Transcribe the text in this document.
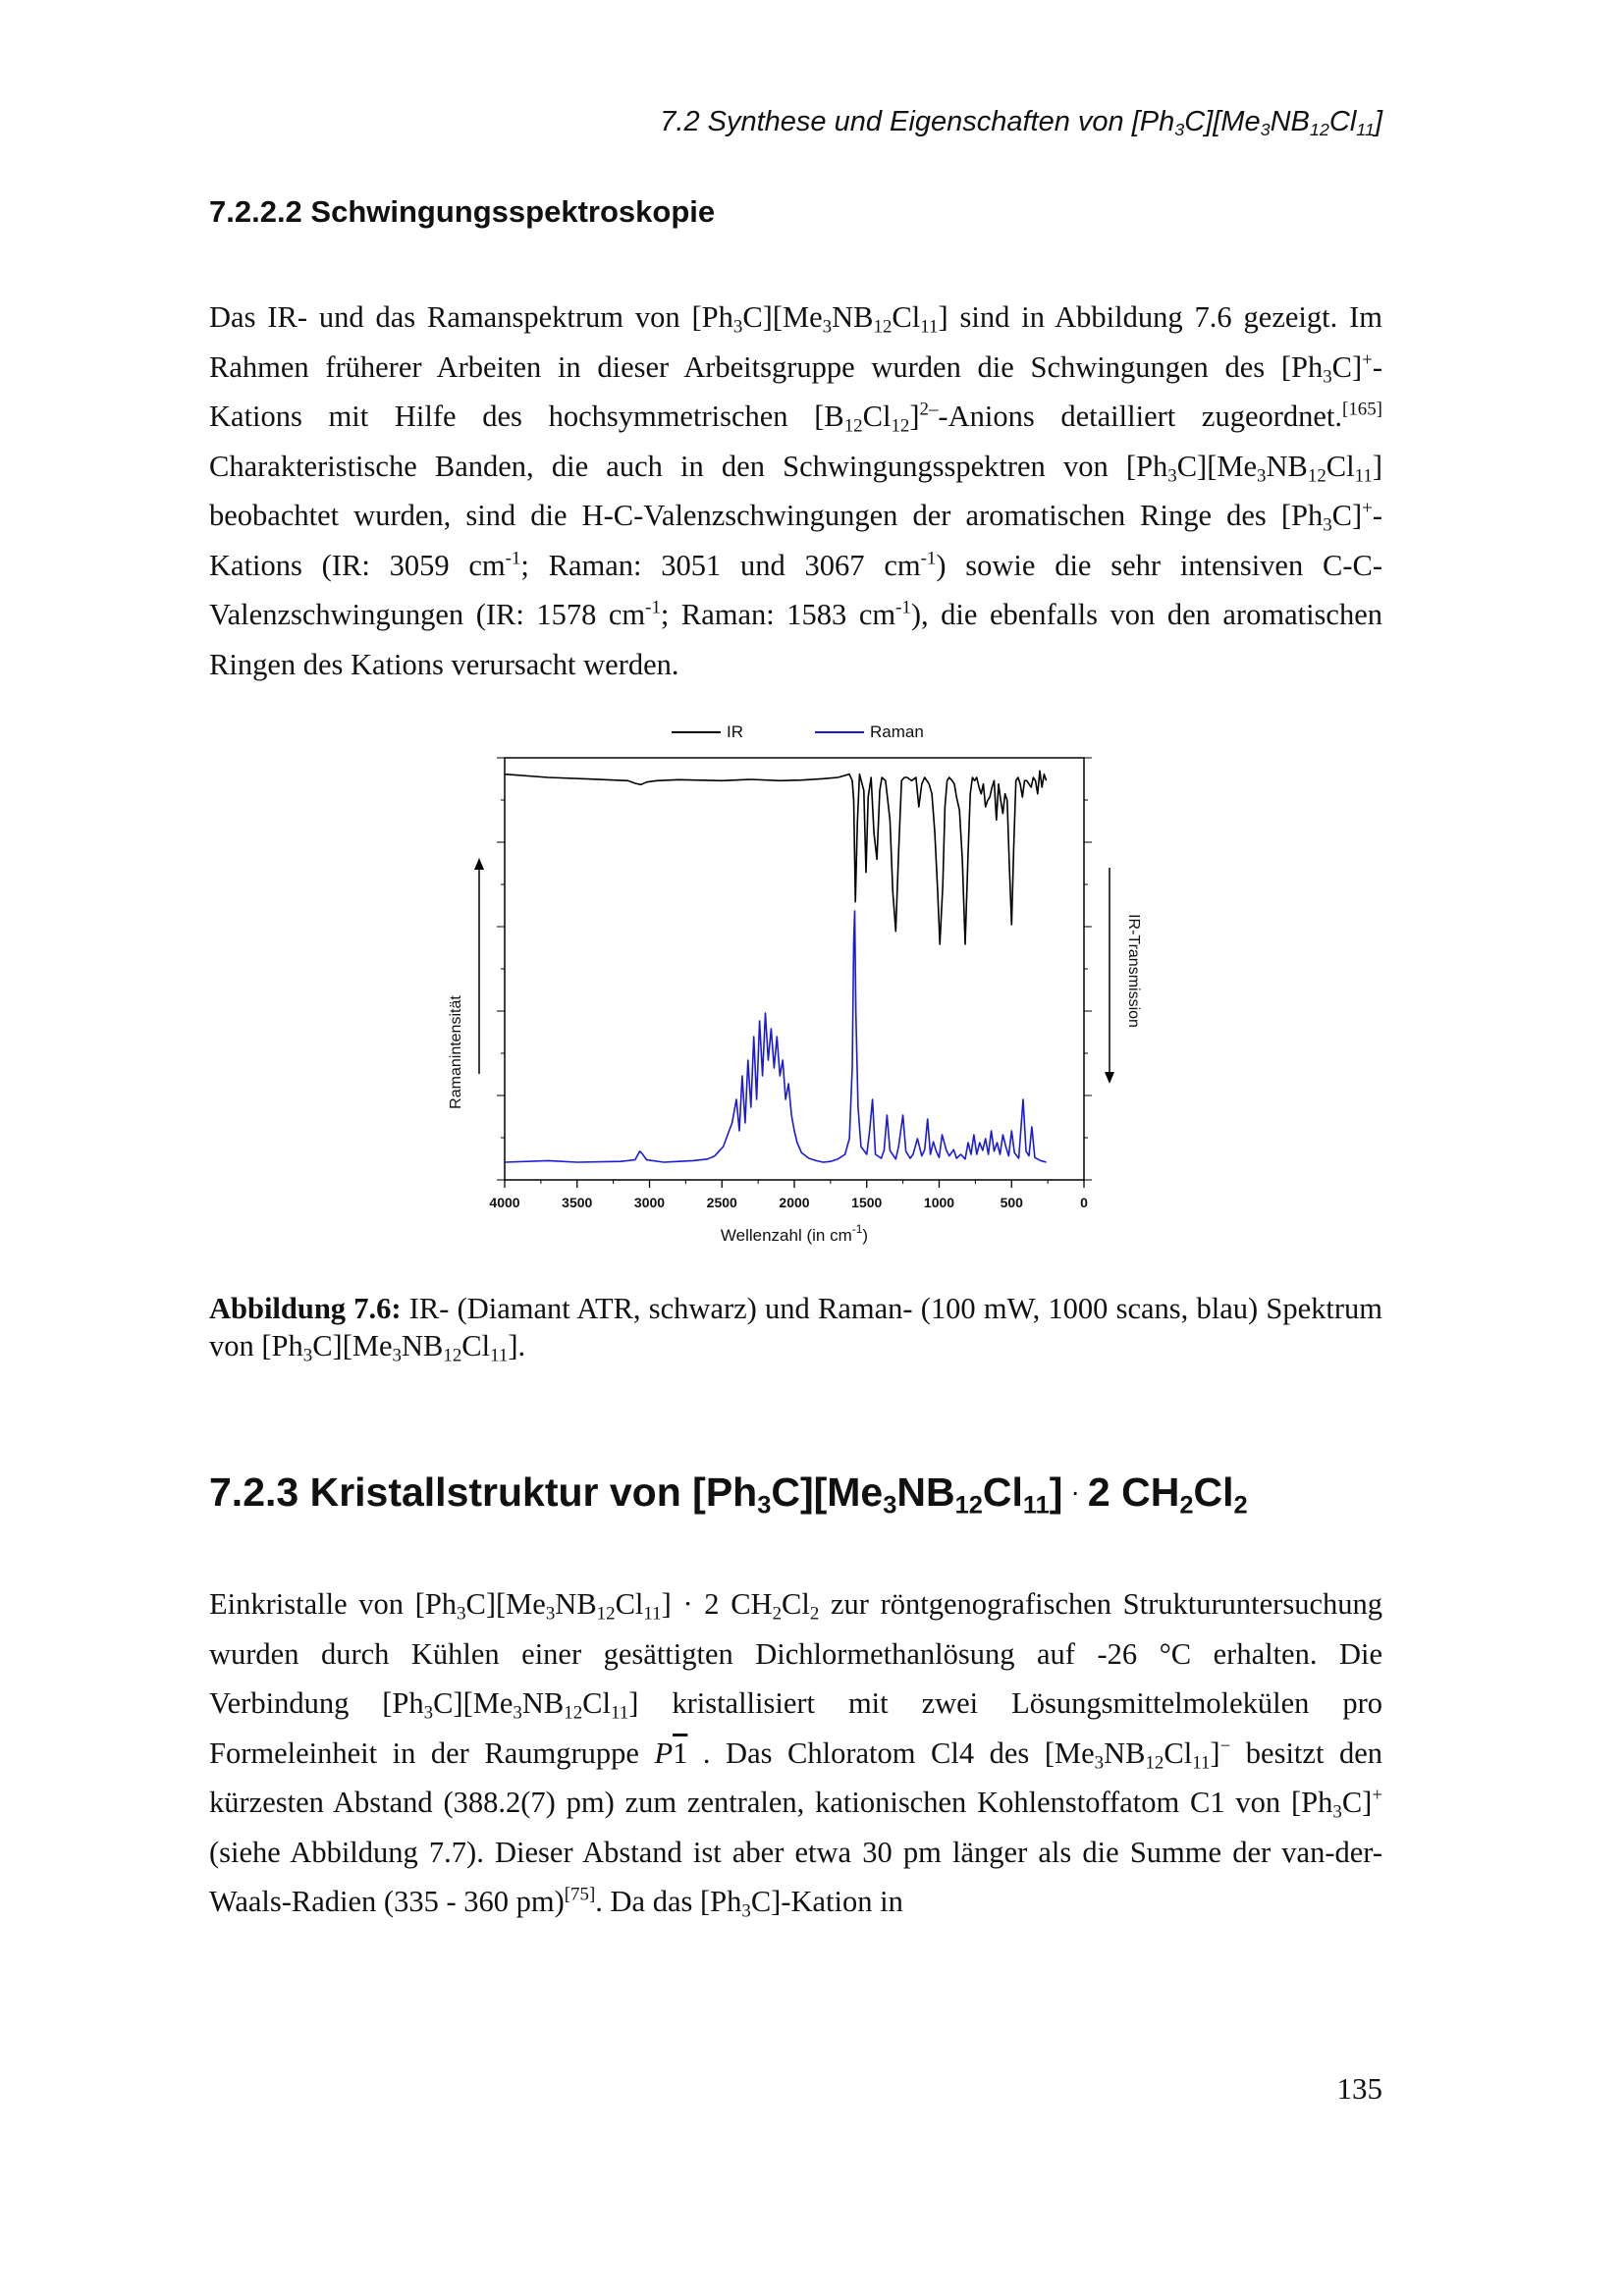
7.2 Synthese und Eigenschaften von $[Ph_3C][Me_3NB_{12}Cl_{11}]$
7.2.2.2 Schwingungsspektroskopie
Das IR- und das Ramanspektrum von $[Ph_3C][Me_3NB_{12}Cl_{11}]$ sind in Abbildung 7.6 gezeigt. Im Rahmen früherer Arbeiten in dieser Arbeitsgruppe wurden die Schwingungen des $[Ph_3C]^+$-Kations mit Hilfe des hochsymmetrischen $[B_{12}Cl_{12}]^{2-}$-Anions detailliert zugeordnet.[165] Charakteristische Banden, die auch in den Schwingungsspektren von $[Ph_3C][Me_3NB_{12}Cl_{11}]$ beobachtet wurden, sind die H-C-Valenzschwingungen der aromatischen Ringe des $[Ph_3C]^+$-Kations (IR: 3059 $cm^{-1}$; Raman: 3051 und 3067 $cm^{-1}$) sowie die sehr intensiven C-C-Valenzschwingungen (IR: 1578 $cm^{-1}$; Raman: 1583 $cm^{-1}$), die ebenfalls von den aromatischen Ringen des Kations verursacht werden.
IR	Raman
4000	3500	3000	2500	2000	1500	1000	500	0
Ramanintensität
IR-Transmission
Wellenzahl (in $cm^{-1}$)
Abbildung 7.6: IR- (Diamant ATR, schwarz) und Raman- (100 mW, 1000 scans, blau) Spektrum von $[Ph_3C][Me_3NB_{12}Cl_{11}]$.
7.2.3 Kristallstruktur von $[Ph_3C][Me_3NB_{12}Cl_{11}] \cdot 2$ $CH_2Cl_2$
Einkristalle von $[Ph_3C][Me_3NB_{12}Cl_{11}] \cdot 2$ $CH_2Cl_2$ zur röntgenografischen Strukturuntersuchung wurden durch Kühlen einer gesättigten Dichlormethanlösung auf -26 °C erhalten. Die Verbindung $[Ph_3C][Me_3NB_{12}Cl_{11}]$ kristallisiert mit zwei Lösungsmittelmolekülen pro Formeleinheit in der Raumgruppe P1 . Das Chloratom Cl4 des $[Me_3NB_{12}Cl_{11}]^-$ besitzt den kürzesten Abstand (388.2(7) pm) zum zentralen, kationischen Kohlenstoffatom C1 von $[Ph_3C]^+$ (siehe Abbildung 7.7). Dieser Abstand ist aber etwa 30 pm länger als die Summe der van-der-Waals-Radien (335 - 360 pm)[75]. Da das $[Ph_3C]$-Kation in
135
